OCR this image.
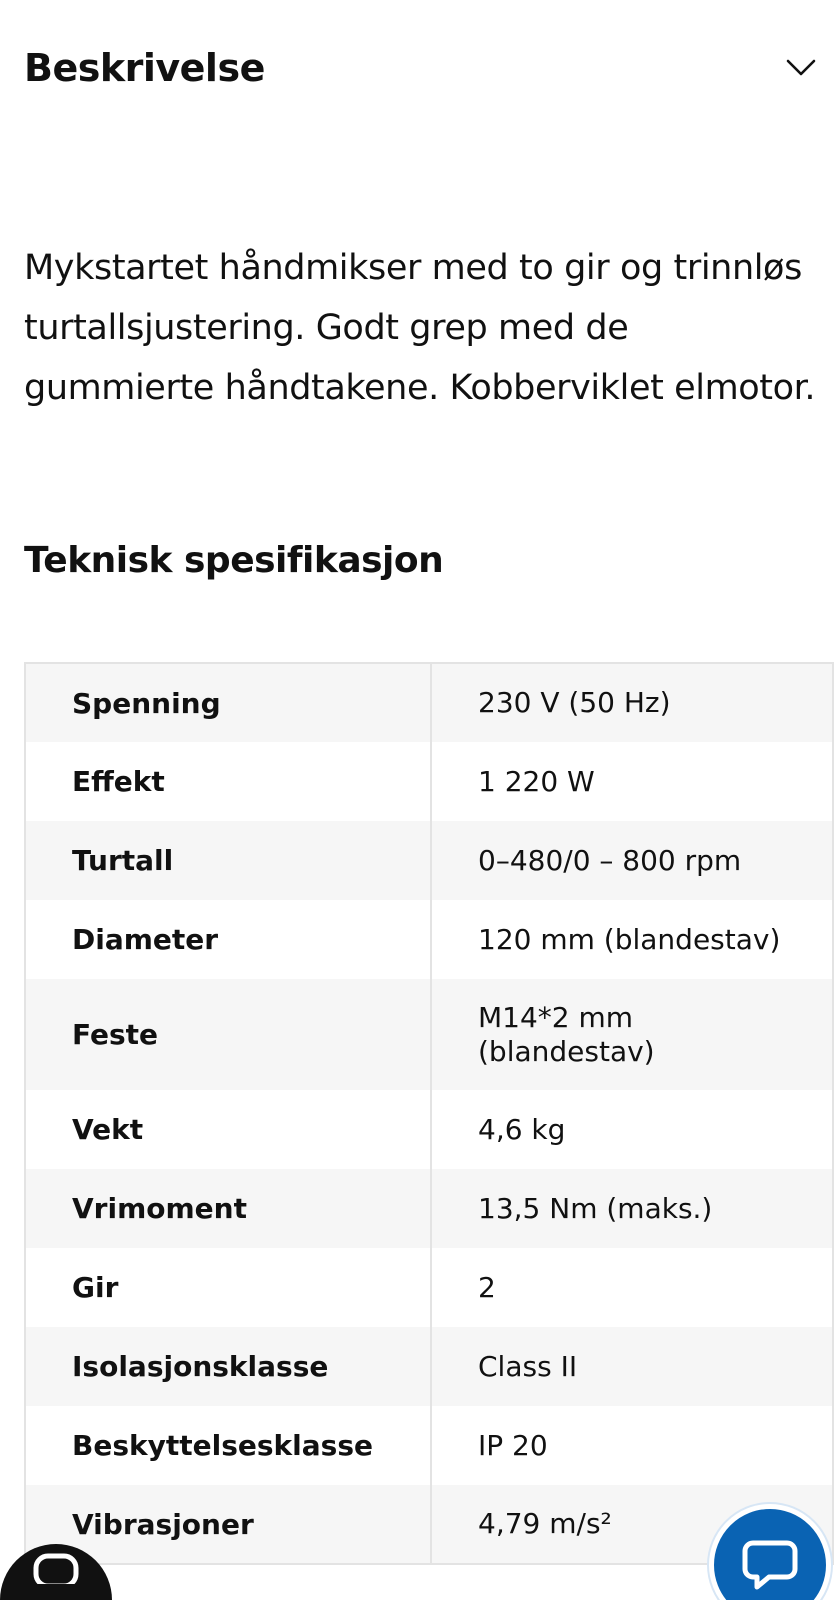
Beskrivelse

Mykstartet håndmikser med to gir og trinnløs turtallsjustering. Godt grep med de gummierte håndtakene. Kobberviklet elmotor.

Teknisk spesifikasjon
Spenning	230 V (50 Hz)
Effekt	1 220 W
Turtall	0–480/0 – 800 rpm
Diameter	120 mm (blandestav)
Feste	M14*2 mm (blandestav)
Vekt	4,6 kg
Vrimoment	13,5 Nm (maks.)
Gir	2
Isolasjonsklasse	Class II
Beskyttelsesklasse	IP 20
Vibrasjoner	4,79 m/s²
